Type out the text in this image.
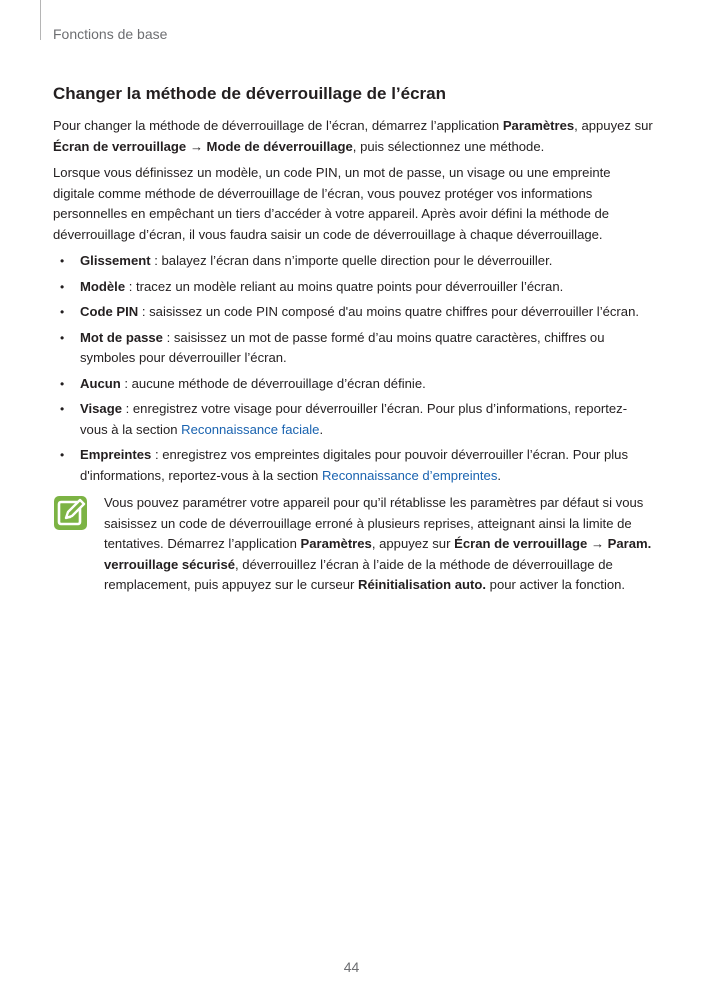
Fonctions de base
Changer la méthode de déverrouillage de l’écran

Pour changer la méthode de déverrouillage de l’écran, démarrez l’application Paramètres, appuyez sur Écran de verrouillage → Mode de déverrouillage, puis sélectionnez une méthode.

Lorsque vous définissez un modèle, un code PIN, un mot de passe, un visage ou une empreinte digitale comme méthode de déverrouillage de l’écran, vous pouvez protéger vos informations personnelles en empêchant un tiers d’accéder à votre appareil. Après avoir défini la méthode de déverrouillage d’écran, il vous faudra saisir un code de déverrouillage à chaque déverrouillage.

• Glissement : balayez l’écran dans n’importe quelle direction pour le déverrouiller.
• Modèle : tracez un modèle reliant au moins quatre points pour déverrouiller l’écran.
• Code PIN : saisissez un code PIN composé d'au moins quatre chiffres pour déverrouiller l’écran.
• Mot de passe : saisissez un mot de passe formé d’au moins quatre caractères, chiffres ou symboles pour déverrouiller l’écran.
• Aucun : aucune méthode de déverrouillage d’écran définie.
• Visage : enregistrez votre visage pour déverrouiller l’écran. Pour plus d’informations, reportez-vous à la section Reconnaissance faciale.
• Empreintes : enregistrez vos empreintes digitales pour pouvoir déverrouiller l’écran. Pour plus d'informations, reportez-vous à la section Reconnaissance d’empreintes.

Vous pouvez paramétrer votre appareil pour qu’il rétablisse les paramètres par défaut si vous saisissez un code de déverrouillage erroné à plusieurs reprises, atteignant ainsi la limite de tentatives. Démarrez l’application Paramètres, appuyez sur Écran de verrouillage → Param. verrouillage sécurisé, déverrouillez l’écran à l’aide de la méthode de déverrouillage de remplacement, puis appuyez sur le curseur Réinitialisation auto. pour activer la fonction.

44
